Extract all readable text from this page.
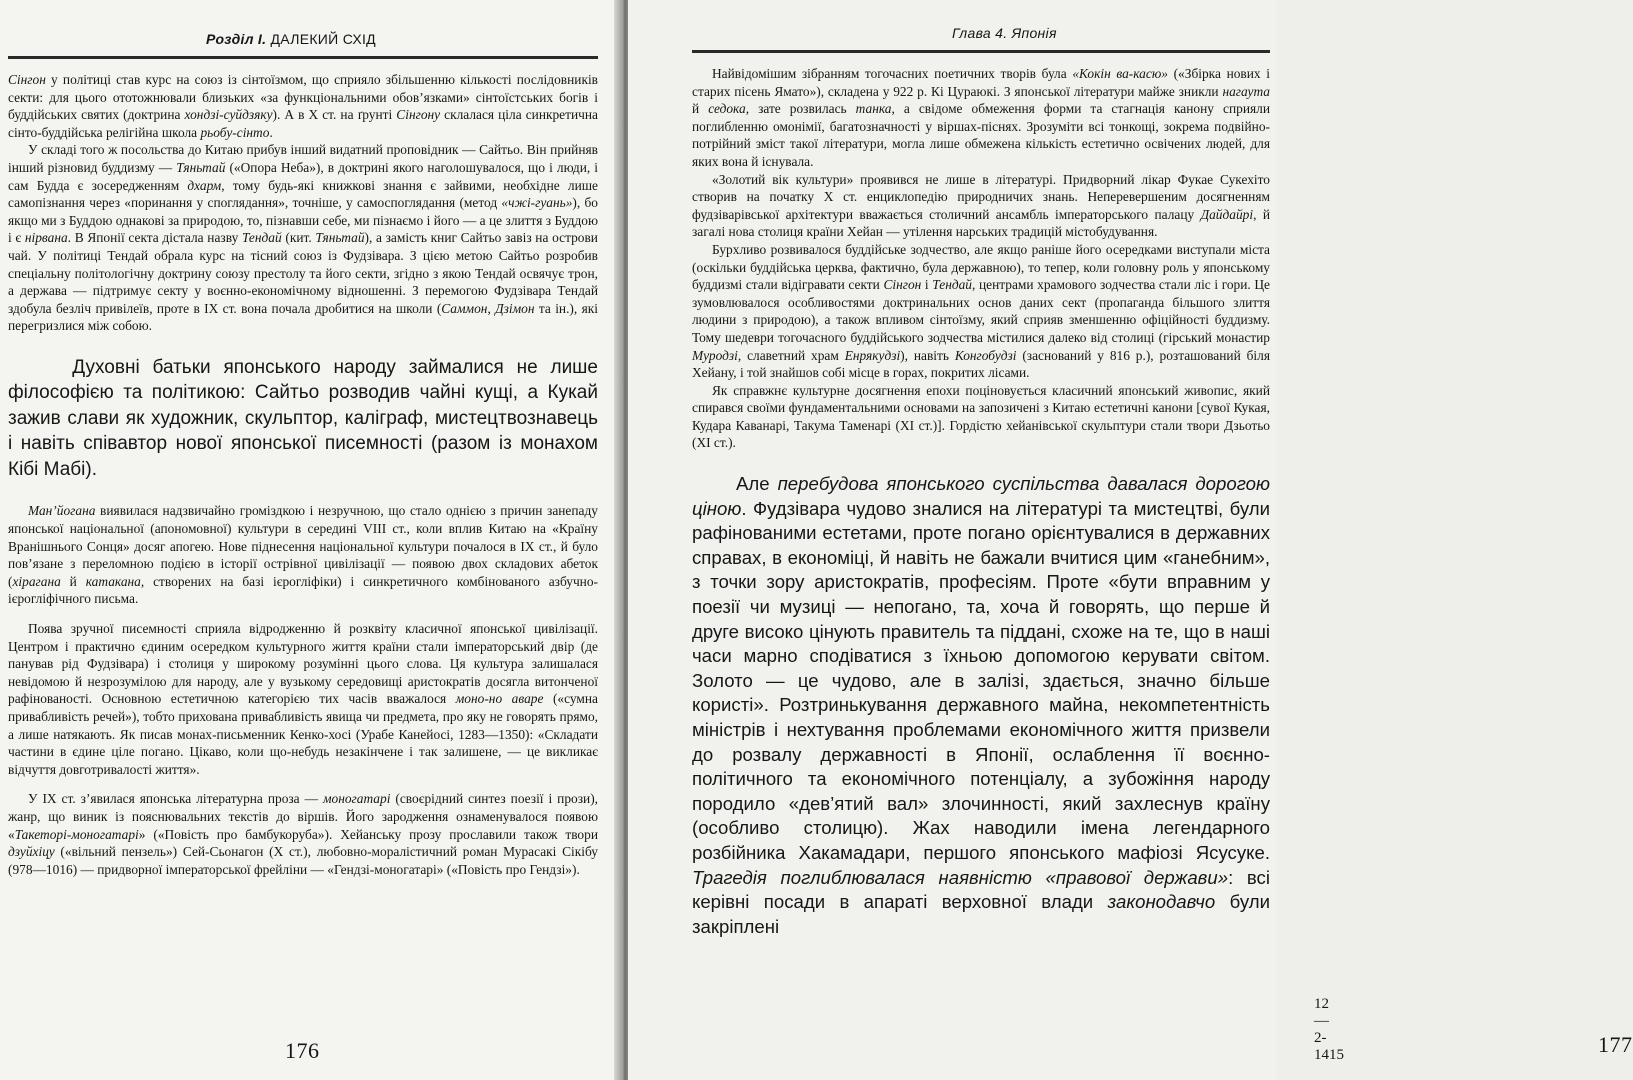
Розділ I. ДАЛЕКИЙ СХІД

Сінгон у політиці став курс на союз із сінтоїзмом, що сприяло збільшенню кількості послідовників секти: для цього ототожнювали близьких «за функціональними обов’язками» сінтоїстських богів і буддійських святих (доктрина хондзі-суйдзяку). А в X ст. на ґрунті Сінгону склалася ціла синкретична сінто-буддійська релігійна школа рьобу-сінто.

У складі того ж посольства до Китаю прибув інший видатний проповідник — Сайтьо. Він прийняв інший різновид буддизму — Тяньтай («Опора Неба»), в доктрині якого наголошувалося, що і люди, і сам Будда є зосередженням дхарм, тому будь-які книжкові знання є зайвими, необхідне лише самопізнання через «поринання у споглядання», точніше, у самоспоглядання (метод «чжі-гуань»), бо якщо ми з Буддою однакові за природою, то, пізнавши себе, ми пізнаємо і його — а це злиття з Буддою і є нірвана. В Японії секта дістала назву Тендай (кит. Тяньтай), а замість книг Сайтьо завіз на острови чай. У політиці Тендай обрала курс на тісний союз із Фудзівара. З цією метою Сайтьо розробив спеціальну політологічну доктрину союзу престолу та його секти, згідно з якою Тендай освячує трон, а держава — підтримує секту у воєнно-економічному відношенні. З перемогою Фудзівара Тендай здобула безліч привілеїв, проте в IX ст. вона почала дробитися на школи (Саммон, Дзімон та ін.), які перегризлися між собою.

Духовні батьки японського народу займалися не лише філософією та політикою: Сайтьо розводив чайні кущі, а Кукай зажив слави як художник, скульптор, каліграф, мистецтвознавець і навіть співавтор нової японської писемності (разом із монахом Кібі Мабі).

Ман’йогана виявилася надзвичайно громіздкою і незручною, що стало однією з причин занепаду японської національної (апономовної) культури в середині VIII ст., коли вплив Китаю на «Країну Вранішнього Сонця» досяг апогею. Нове піднесення національної культури почалося в IX ст., й було пов’язане з переломною подією в історії острівної цивілізації — появою двох складових абеток (хірагана й катакана, створених на базі ієрогліфіки) і синкретичного комбінованого азбучно-ієрогліфічного письма.

Поява зручної писемності сприяла відродженню й розквіту класичної японської цивілізації. Центром і практично єдиним осередком культурного життя країни стали імператорський двір (де панував рід Фудзівара) і столиця у широкому розумінні цього слова. Ця культура залишалася невідомою й незрозумілою для народу, але у вузькому середовищі аристократів досягла витонченої рафінованості. Основною естетичною категорією тих часів вважалося моно-но аваре («сумна привабливість речей»), тобто прихована привабливість явища чи предмета, про яку не говорять прямо, а лише натякають. Як писав монах-письменник Кенко-хосі (Урабе Канейосі, 1283—1350): «Складати частини в єдине ціле погано. Цікаво, коли що-небудь незакінчене і так залишене, — це викликає відчуття довготривалості життя».

У IX ст. з’явилася японська літературна проза — моногатарі (своєрідний синтез поезії і прози), жанр, що виник із пояснювальних текстів до віршів. Його зародження ознаменувалося появою «Такеторі-моногатарі» («Повість про бамбукоруба»). Хейанську прозу прославили також твори дзуйхіцу («вільний пензель») Сей-Сьонагон (X ст.), любовно-моралістичний роман Мурасакі Сікібу (978—1016) — придворної імператорської фрейліни — «Гендзі-моногатарі» («Повість про Гендзі»).

176
Глава 4. Японія

Найвідомішим зібранням тогочасних поетичних творів була «Кокін ва-касю» («Збірка нових і старих пісень Ямато»), складена у 922 р. Кі Цураюкі. З японської літератури майже зникли нагаута й седока, зате розвилась танка, а свідоме обмеження форми та стагнація канону сприяли поглибленню омонімії, багатозначності у віршах-піснях. Зрозуміти всі тонкощі, зокрема подвійно-потрійний зміст такої літератури, могла лише обмежена кількість естетично освічених людей, для яких вона й існувала.

«Золотий вік культури» проявився не лише в літературі. Придворний лікар Фукае Сукехіто створив на початку X ст. енциклопедію природничих знань. Неперевершеним досягненням фудзіварівської архітектури вважається столичний ансамбль імператорського палацу Дайдайрі, й загалі нова столиця країни Хейан — утілення нарських традицій містобудування.

Бурхливо розвивалося буддійське зодчество, але якщо раніше його осередками виступали міста (оскільки буддійська церква, фактично, була державною), то тепер, коли головну роль у японському буддизмі стали відігравати секти Сінгон і Тендай, центрами храмового зодчества стали ліс і гори. Це зумовлювалося особливостями доктринальних основ даних сект (пропаганда більшого злиття людини з природою), а також впливом сінтоїзму, який сприяв зменшенню офіційності буддизму. Тому шедеври тогочасного буддійського зодчества містилися далеко від столиці (гірський монастир Муродзі, славетний храм Енрякудзі), навіть Конгобудзі (заснований у 816 р.), розташований біля Хейану, і той знайшов собі місце в горах, покритих лісами.

Як справжнє культурне досягнення епохи поціновується класичний японський живопис, який спирався своїми фундаментальними основами на запозичені з Китаю естетичні канони [сувої Кукая, Кудара Каванарі, Такума Таменарі (XI ст.)]. Гордістю хейанівської скульптури стали твори Дзьотьо (XI ст.).

Але перебудова японського суспільства давалася дорогою ціною. Фудзівара чудово зналися на літературі та мистецтві, були рафінованими естетами, проте погано орієнтувалися в державних справах, в економіці, й навіть не бажали вчитися цим «ганебним», з точки зору аристократів, професіям. Проте «бути вправним у поезії чи музиці — непогано, та, хоча й говорять, що перше й друге високо цінують правитель та піддані, схоже на те, що в наші часи марно сподіватися з їхньою допомогою керувати світом. Золото — це чудово, але в залізі, здається, значно більше користі». Розтринькування державного майна, некомпетентність міністрів і нехтування проблемами економічного життя призвели до розвалу державності в Японії, ослаблення її воєнно-політичного та економічного потенціалу, а зубожіння народу породило «дев’ятий вал» злочинності, який захлеснув країну (особливо столицю). Жах наводили імена легендарного розбійника Хакамадари, першого японського мафіозі Ясусуке. Трагедія поглиблювалася наявністю «правової держави»: всі керівні посади в апараті верховної влади законодавчо були закріплені

12 — 2-1415	177
